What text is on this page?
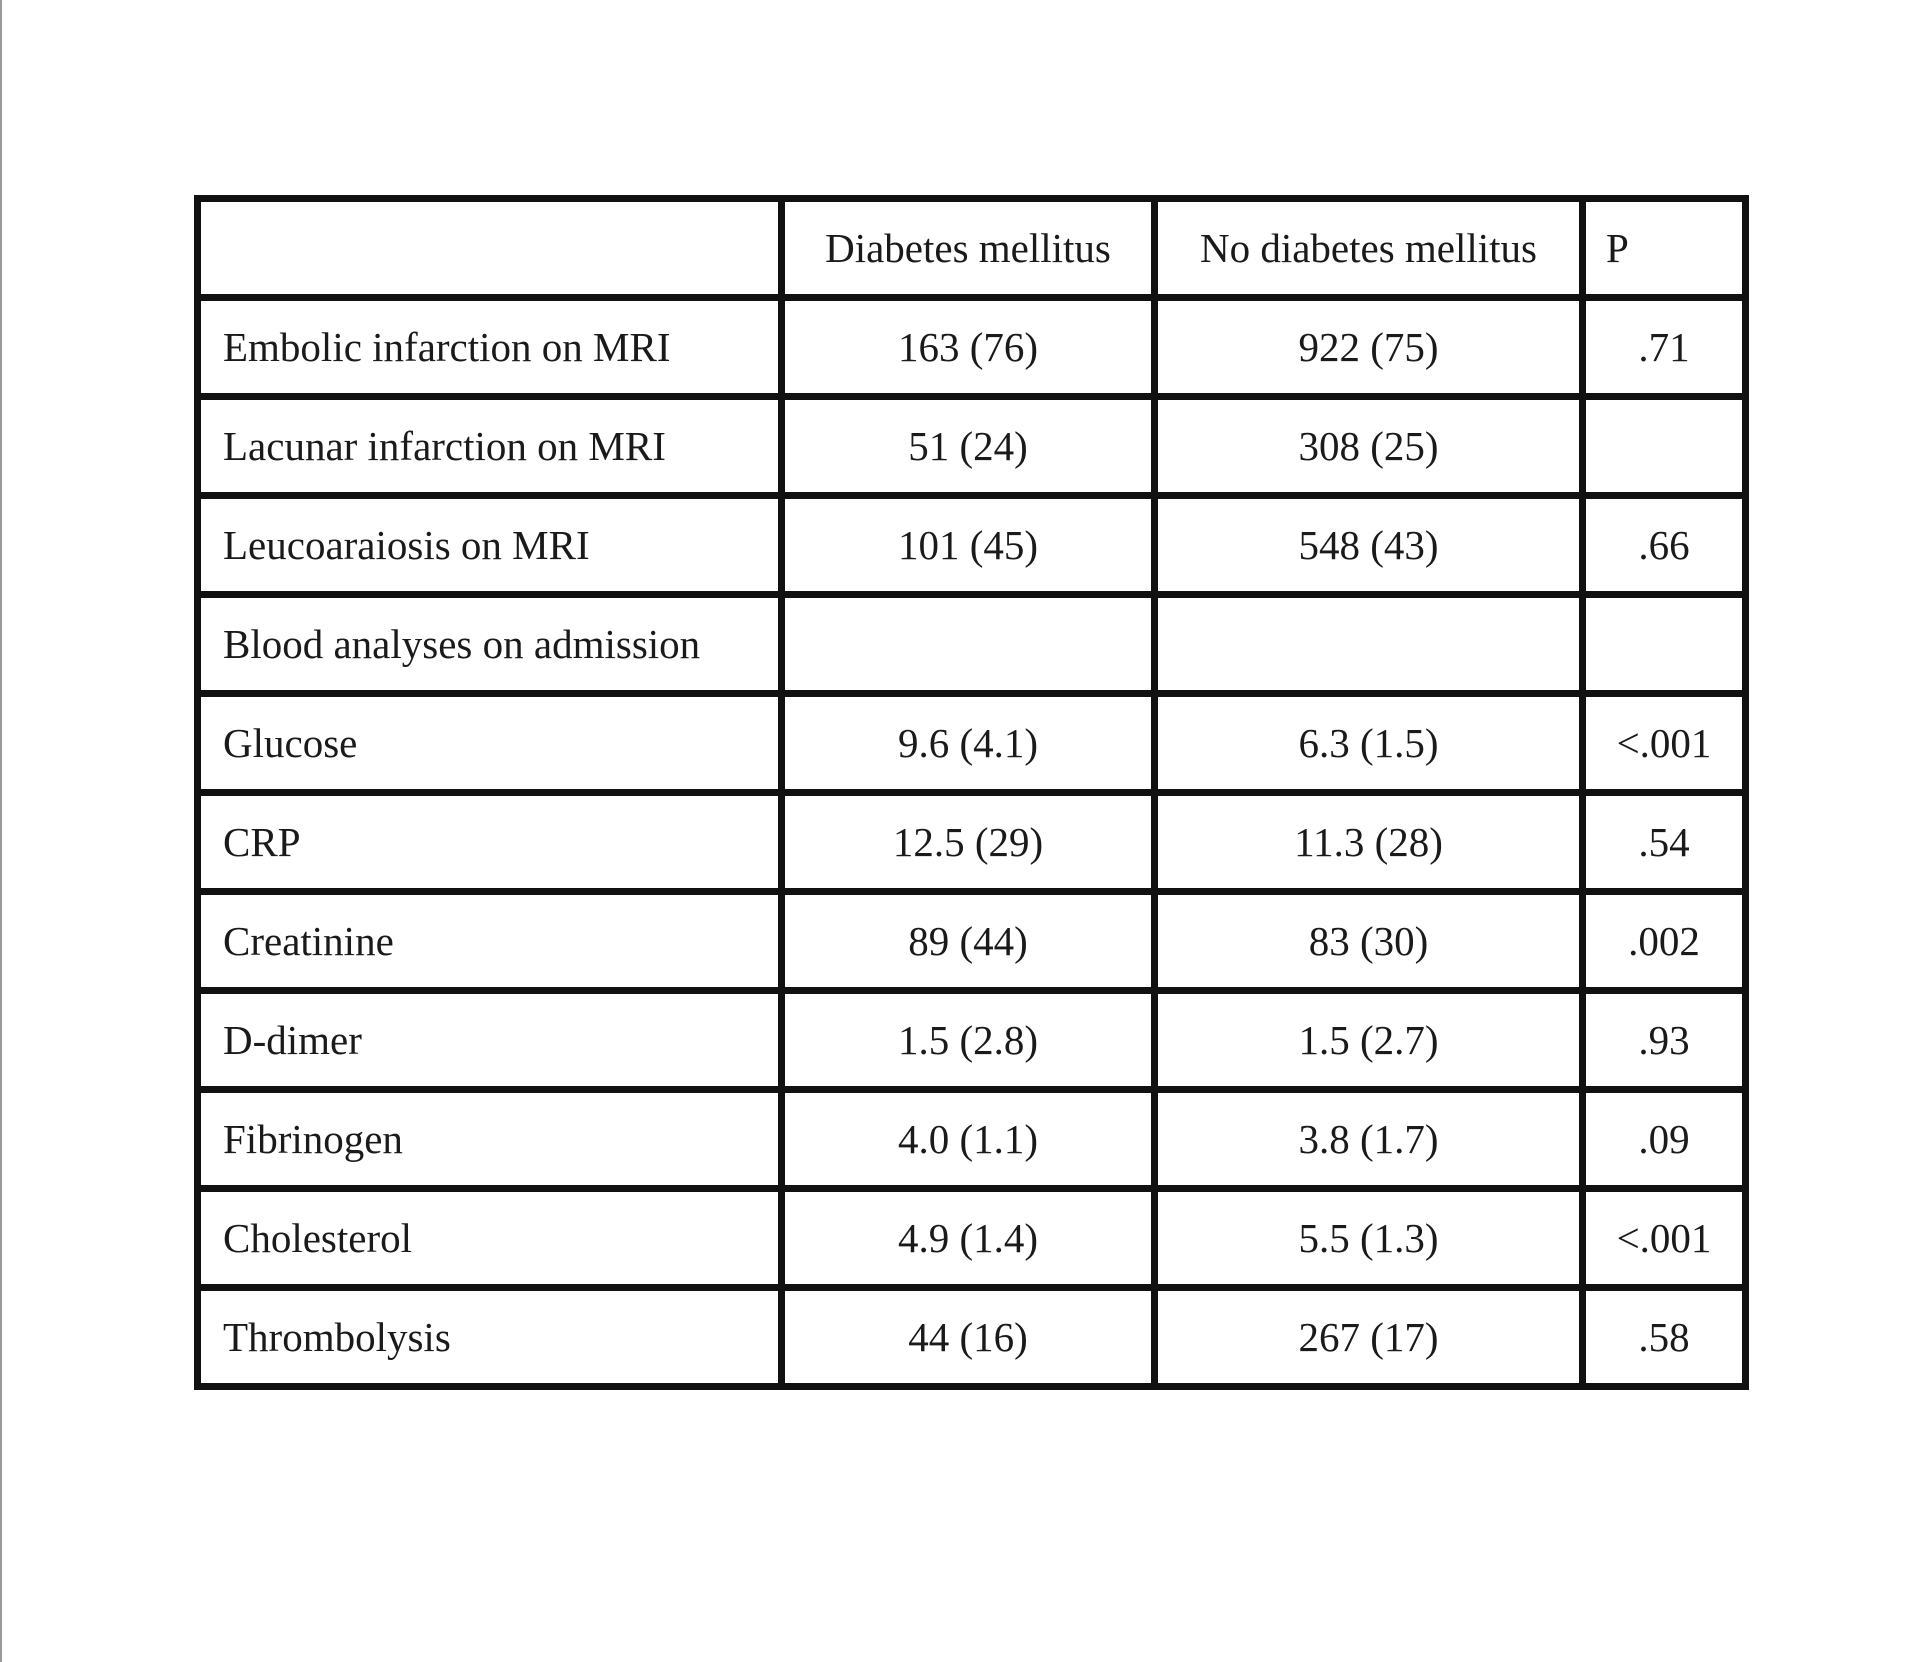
	Diabetes mellitus	No diabetes mellitus	P
Embolic infarction on MRI	163 (76)	922 (75)	.71
Lacunar infarction on MRI	51 (24)	308 (25)	
Leucoaraiosis on MRI	101 (45)	548 (43)	.66
Blood analyses on admission			
Glucose	9.6 (4.1)	6.3 (1.5)	<.001
CRP	12.5 (29)	11.3 (28)	.54
Creatinine	89 (44)	83 (30)	.002
D-dimer	1.5 (2.8)	1.5 (2.7)	.93
Fibrinogen	4.0 (1.1)	3.8 (1.7)	.09
Cholesterol	4.9 (1.4)	5.5 (1.3)	<.001
Thrombolysis	44 (16)	267 (17)	.58
